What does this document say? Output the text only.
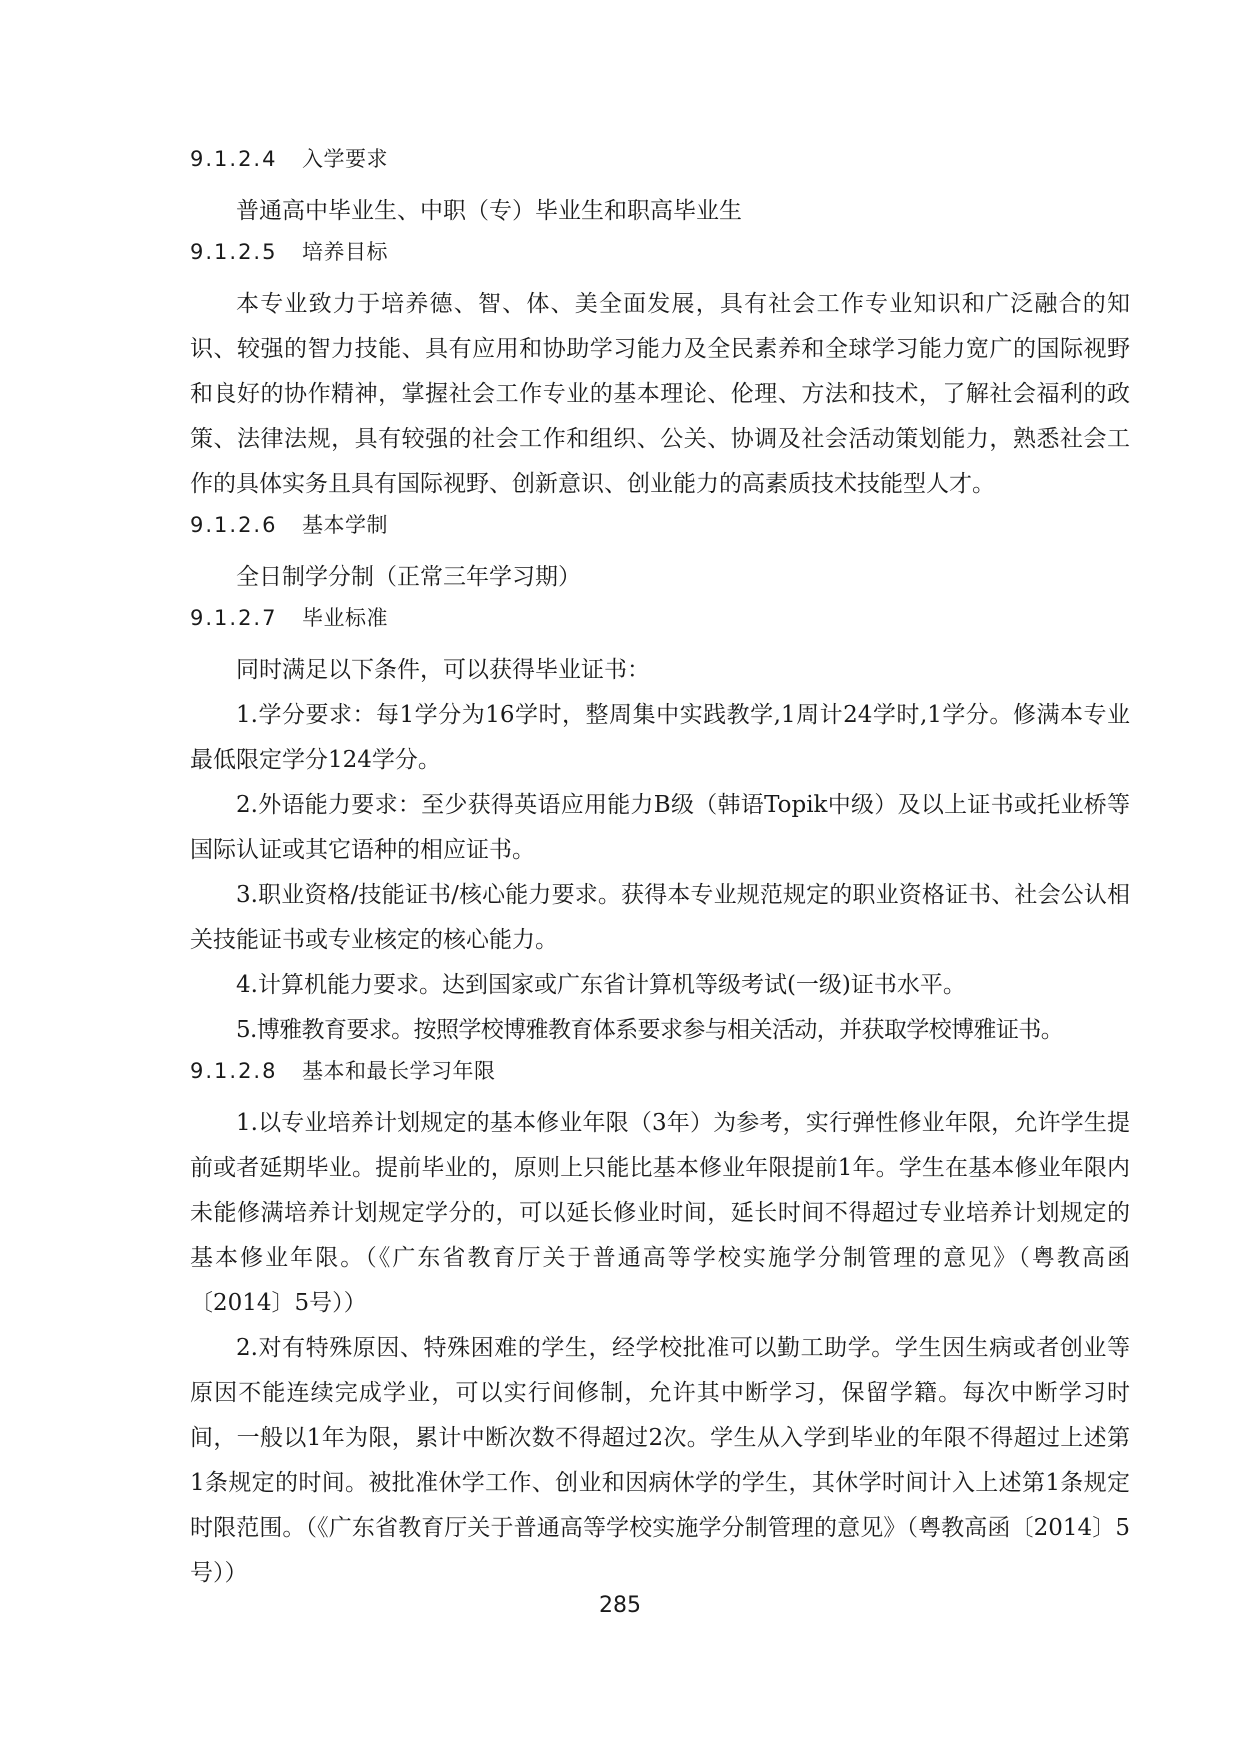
9.1.2.4 入学要求

普通高中毕业生、中职（专）毕业生和职高毕业生

9.1.2.5 培养目标

本专业致力于培养德、智、体、美全面发展，具有社会工作专业知识和广泛融合的知识、较强的智力技能、具有应用和协助学习能力及全民素养和全球学习能力宽广的国际视野和良好的协作精神，掌握社会工作专业的基本理论、伦理、方法和技术，了解社会福利的政策、法律法规，具有较强的社会工作和组织、公关、协调及社会活动策划能力，熟悉社会工作的具体实务且具有国际视野、创新意识、创业能力的高素质技术技能型人才。

9.1.2.6 基本学制

全日制学分制（正常三年学习期）

9.1.2.7 毕业标准

同时满足以下条件，可以获得毕业证书：

1.学分要求：每1学分为16学时，整周集中实践教学,1周计24学时,1学分。修满本专业最低限定学分124学分。

2.外语能力要求：至少获得英语应用能力B级（韩语Topik中级）及以上证书或托业桥等国际认证或其它语种的相应证书。

3.职业资格/技能证书/核心能力要求。获得本专业规范规定的职业资格证书、社会公认相关技能证书或专业核定的核心能力。

4.计算机能力要求。达到国家或广东省计算机等级考试(一级)证书水平。

5.博雅教育要求。按照学校博雅教育体系要求参与相关活动，并获取学校博雅证书。

9.1.2.8 基本和最长学习年限

1.以专业培养计划规定的基本修业年限（3年）为参考，实行弹性修业年限，允许学生提前或者延期毕业。提前毕业的，原则上只能比基本修业年限提前1年。学生在基本修业年限内未能修满培养计划规定学分的，可以延长修业时间，延长时间不得超过专业培养计划规定的基本修业年限。（《广东省教育厅关于普通高等学校实施学分制管理的意见》（粤教高函〔2014〕5号））

2.对有特殊原因、特殊困难的学生，经学校批准可以勤工助学。学生因生病或者创业等原因不能连续完成学业，可以实行间修制，允许其中断学习，保留学籍。每次中断学习时间，一般以1年为限，累计中断次数不得超过2次。学生从入学到毕业的年限不得超过上述第1条规定的时间。被批准休学工作、创业和因病休学的学生，其休学时间计入上述第1条规定时限范围。（《广东省教育厅关于普通高等学校实施学分制管理的意见》（粤教高函〔2014〕5号））

285
